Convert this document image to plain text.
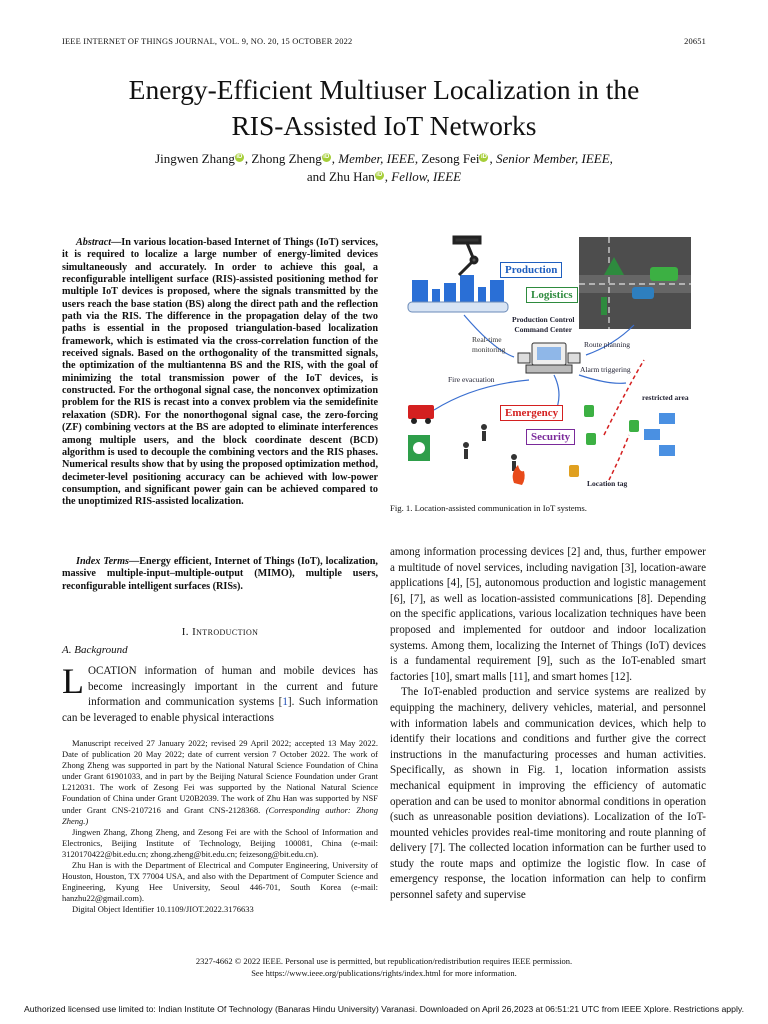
IEEE INTERNET OF THINGS JOURNAL, VOL. 9, NO. 20, 15 OCTOBER 2022	20651
Energy-Efficient Multiuser Localization in the
RIS-Assisted IoT Networks
Jingwen Zhang iD , Zhong Zheng iD , Member, IEEE, Zesong Fei iD , Senior Member, IEEE,
and Zhu Han iD , Fellow, IEEE
Abstract—In various location-based Internet of Things (IoT) services, it is required to localize a large number of energy-limited devices simultaneously and accurately. In order to achieve this goal, a reconfigurable intelligent surface (RIS)-assisted positioning method for multiple IoT devices is proposed, where the signals transmitted by the users reach the base station (BS) along the direct path and the reflection path via the RIS. The difference in the propagation delay of the two paths is essential in the proposed triangulation-based localization framework, which is estimated via the cross-correlation function of the received signals. Based on the orthogonality of the transmitted signals, the optimization of the multiantenna BS and the RIS, with the goal of minimizing the total transmission power of the IoT devices, is constructed. For the orthogonal signal case, the nonconvex optimization problem for the RIS is recast into a convex problem via the semidefinite relaxation (SDR). For the nonorthogonal signal case, the zero-forcing (ZF) combining vectors at the BS are adopted to eliminate interferences among multiple users, and the block coordinate descent (BCD) algorithm is used to decouple the combining vectors and the RIS phases. Numerical results show that by using the proposed optimization method, decimeter-level positioning accuracy can be achieved with low-power consumption, and significant power gain can be achieved compared to the unoptimized RIS-assisted localization.
Index Terms—Energy efficient, Internet of Things (IoT), localization, massive multiple-input–multiple-output (MIMO), multiple users, reconfigurable intelligent surfaces (RISs).
I. Introduction
A. Background
LOCATION information of human and mobile devices has become increasingly important in the current and future information and communication systems [1]. Such information can be leveraged to enable physical interactions

Manuscript received 27 January 2022; revised 29 April 2022; accepted 13 May 2022. Date of publication 20 May 2022; date of current version 7 October 2022. The work of Zhong Zheng was supported in part by the National Natural Science Foundation of China under Grant 61901033, and in part by the Beijing Natural Science Foundation under Grant L212031. The work of Zesong Fei was supported by the National Natural Science Foundation of China under Grant U20B2039. The work of Zhu Han was supported by NSF under Grant CNS-2107216 and Grant CNS-2128368. (Corresponding author: Zhong Zheng.)

Jingwen Zhang, Zhong Zheng, and Zesong Fei are with the School of Information and Electronics, Beijing Institute of Technology, Beijing 100081, China (e-mail: 3120170422@bit.edu.cn; zhong.zheng@bit.edu.cn; feizesong@bit.edu.cn).

Zhu Han is with the Department of Electrical and Computer Engineering, University of Houston, Houston, TX 77004 USA, and also with the Department of Computer Science and Engineering, Kyung Hee University, Seoul 446-701, South Korea (e-mail: hanzhu22@gmail.com).

Digital Object Identifier 10.1109/JIOT.2022.3176633

Production
Logistics
Production Control
Command Center
Real-time
monitoring
Route planning
Alarm triggering
Fire evacuation
Emergency
Security
restricted area
Location tag
Fig. 1. Location-assisted communication in IoT systems.

among information processing devices [2] and, thus, further empower a multitude of novel services, including navigation [3], location-aware applications [4], [5], autonomous production and logistic management [6], [7], as well as location-assisted communications [8]. Depending on the specific applications, various localization techniques have been proposed and implemented for outdoor and indoor localization systems. Among them, localizing the Internet of Things (IoT) devices is a fundamental requirement [9], such as the IoT-enabled smart factories [10], smart malls [11], and smart homes [12].

The IoT-enabled production and service systems are realized by equipping the machinery, delivery vehicles, material, and personnel with information labels and communication devices, which help to identify their locations and conditions and further give the correct instructions in the manufacturing processes and human activities. Specifically, as shown in Fig. 1, location information assists mechanical equipment in improving the efficiency of automatic operation and can be used to monitor abnormal conditions in operation (such as unreasonable position deviations). Localization of the IoT-mounted vehicles provides real-time monitoring and route planning of delivery [7]. The collected location information can be further used to study the route maps and optimize the logistic flow. In case of emergency response, the location information can help to confirm personnel safety and supervise

2327-4662 © 2022 IEEE. Personal use is permitted, but republication/redistribution requires IEEE permission.
See https://www.ieee.org/publications/rights/index.html for more information.
Authorized licensed use limited to: Indian Institute Of Technology (Banaras Hindu University) Varanasi. Downloaded on April 26,2023 at 06:51:21 UTC from IEEE Xplore. Restrictions apply.
